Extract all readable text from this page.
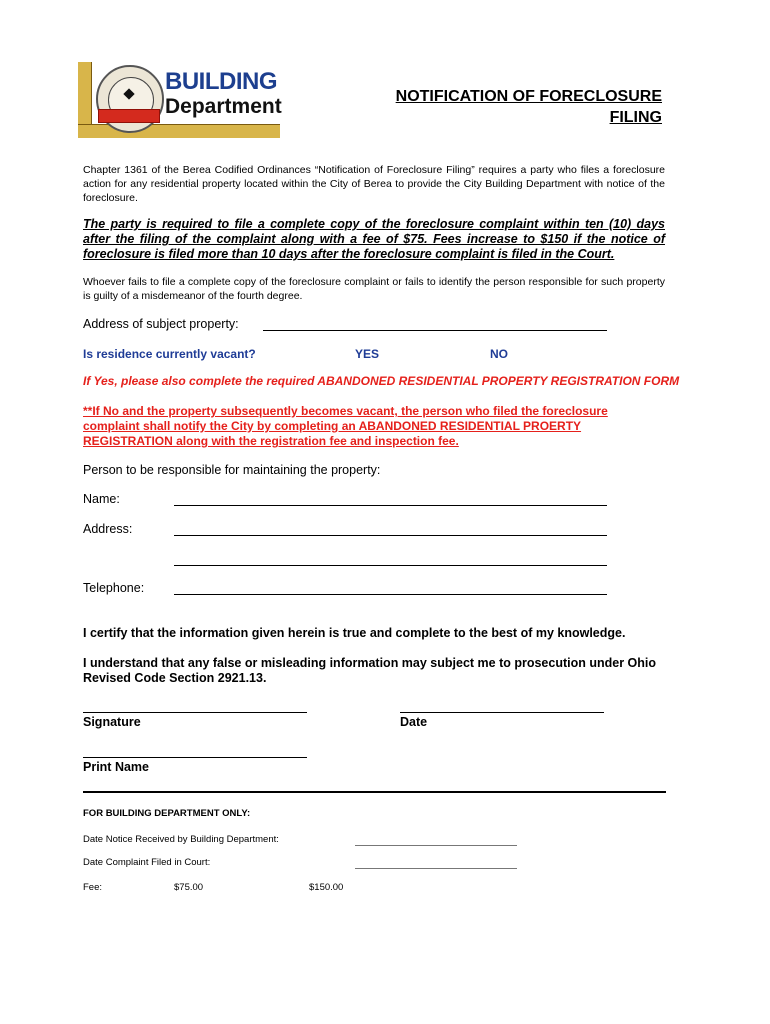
BUILDING
Department	NOTIFICATION OF FORECLOSURE
FILING
Chapter 1361 of the Berea Codified Ordinances “Notification of Foreclosure Filing” requires a party who files a foreclosure action for any residential property located within the City of Berea to provide the City Building Department with notice of the foreclosure.
The party is required to file a complete copy of the foreclosure complaint within ten (10) days after the filing of the complaint along with a fee of $75. Fees increase to $150 if the notice of foreclosure is filed more than 10 days after the foreclosure complaint is filed in the Court.
Whoever fails to file a complete copy of the foreclosure complaint or fails to identify the person responsible for such property is guilty of a misdemeanor of the fourth degree.
Address of subject property:
Is residence currently vacant?	YES	NO
If Yes, please also complete the required ABANDONED RESIDENTIAL PROPERTY REGISTRATION FORM
**If No and the property subsequently becomes vacant, the person who filed the foreclosure complaint shall notify the City by completing an ABANDONED RESIDENTIAL PROERTY REGISTRATION along with the registration fee and inspection fee.
Person to be responsible for maintaining the property:
Name:
Address:
Telephone:
I certify that the information given herein is true and complete to the best of my knowledge.
I understand that any false or misleading information may subject me to prosecution under Ohio Revised Code Section 2921.13.
Signature	Date
Print Name
FOR BUILDING DEPARTMENT ONLY:
Date Notice Received by Building Department:
Date Complaint Filed in Court:
Fee:	$75.00	$150.00
